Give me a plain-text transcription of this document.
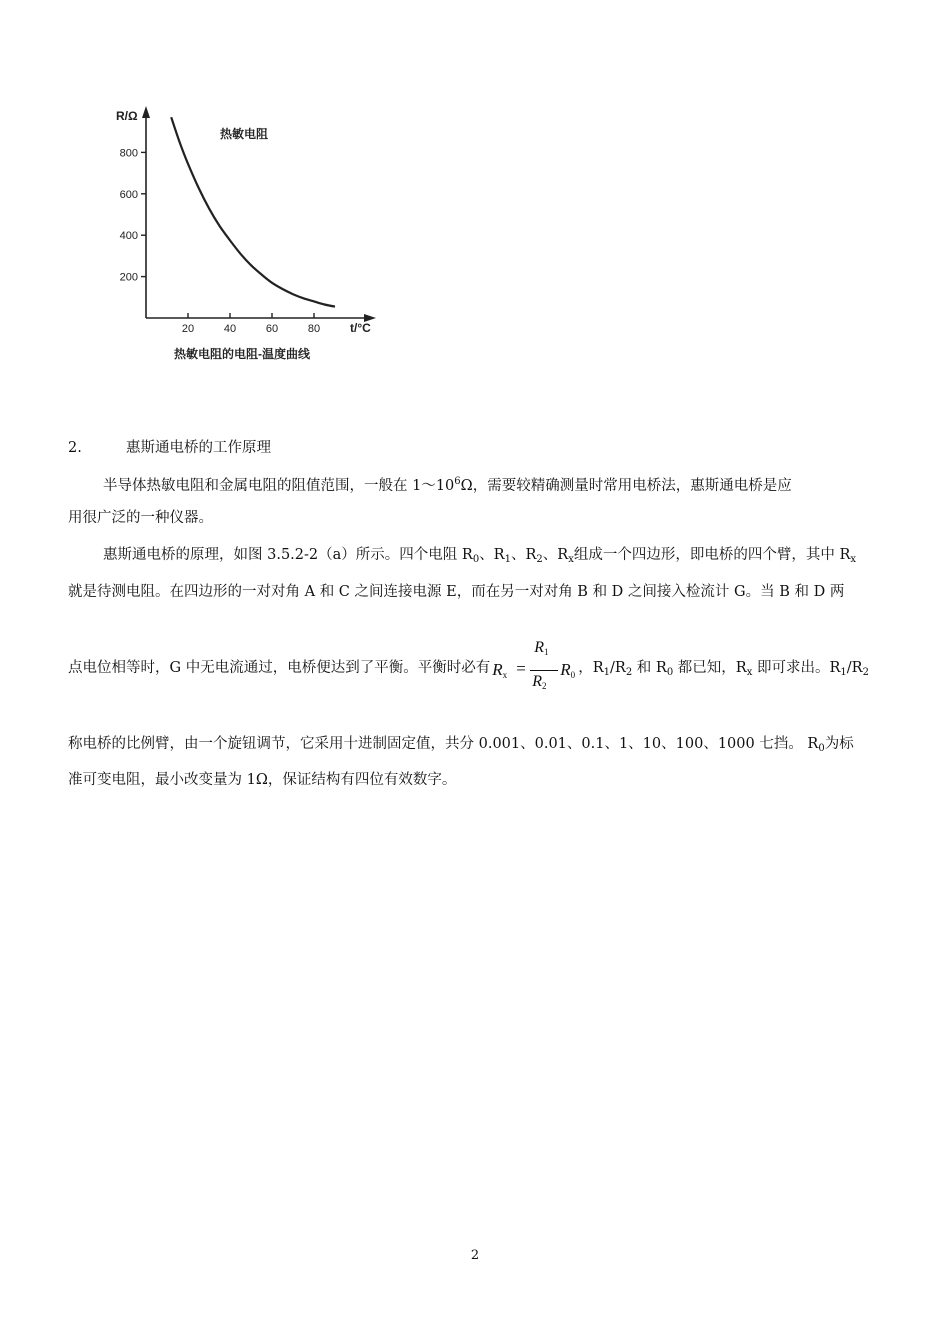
R/Ω
t/°C
热敏电阻
200
400
600
800
20	40	60	80
热敏电阻的电阻-温度曲线
2.	惠斯通电桥的工作原理
半导体热敏电阻和金属电阻的阻值范围，一般在 $1\sim 10^6\Omega$，需要较精确测量时常用电桥法，惠斯通电桥是应
用很广泛的一种仪器。
惠斯通电桥的原理，如图 3.5.2-2（a）所示。四个电阻 $R_0$、$R_1$、$R_2$、$R_x$组成一个四边形，即电桥的四个臂，其中 $R_x$
就是待测电阻。在四边形的一对对角 A 和 C 之间连接电源 E，而在另一对对角 B 和 D 之间接入检流计 G。当 B 和 D 两
点电位相等时，G 中无电流通过，电桥便达到了平衡。平衡时必有 $R_x$ =
$R_1$
$R_2$
$R_0$ ，$R_1/R_2$ 和 $R_0$ 都已知，$R_x$ 即可求出。$R_1/R_2$
称电桥的比例臂，由一个旋钮调节，它采用十进制固定值，共分 0.001、0.01、0.1、1、10、100、1000 七挡。 $R_0$为标
准可变电阻，最小改变量为 1Ω，保证结构有四位有效数字。
2
